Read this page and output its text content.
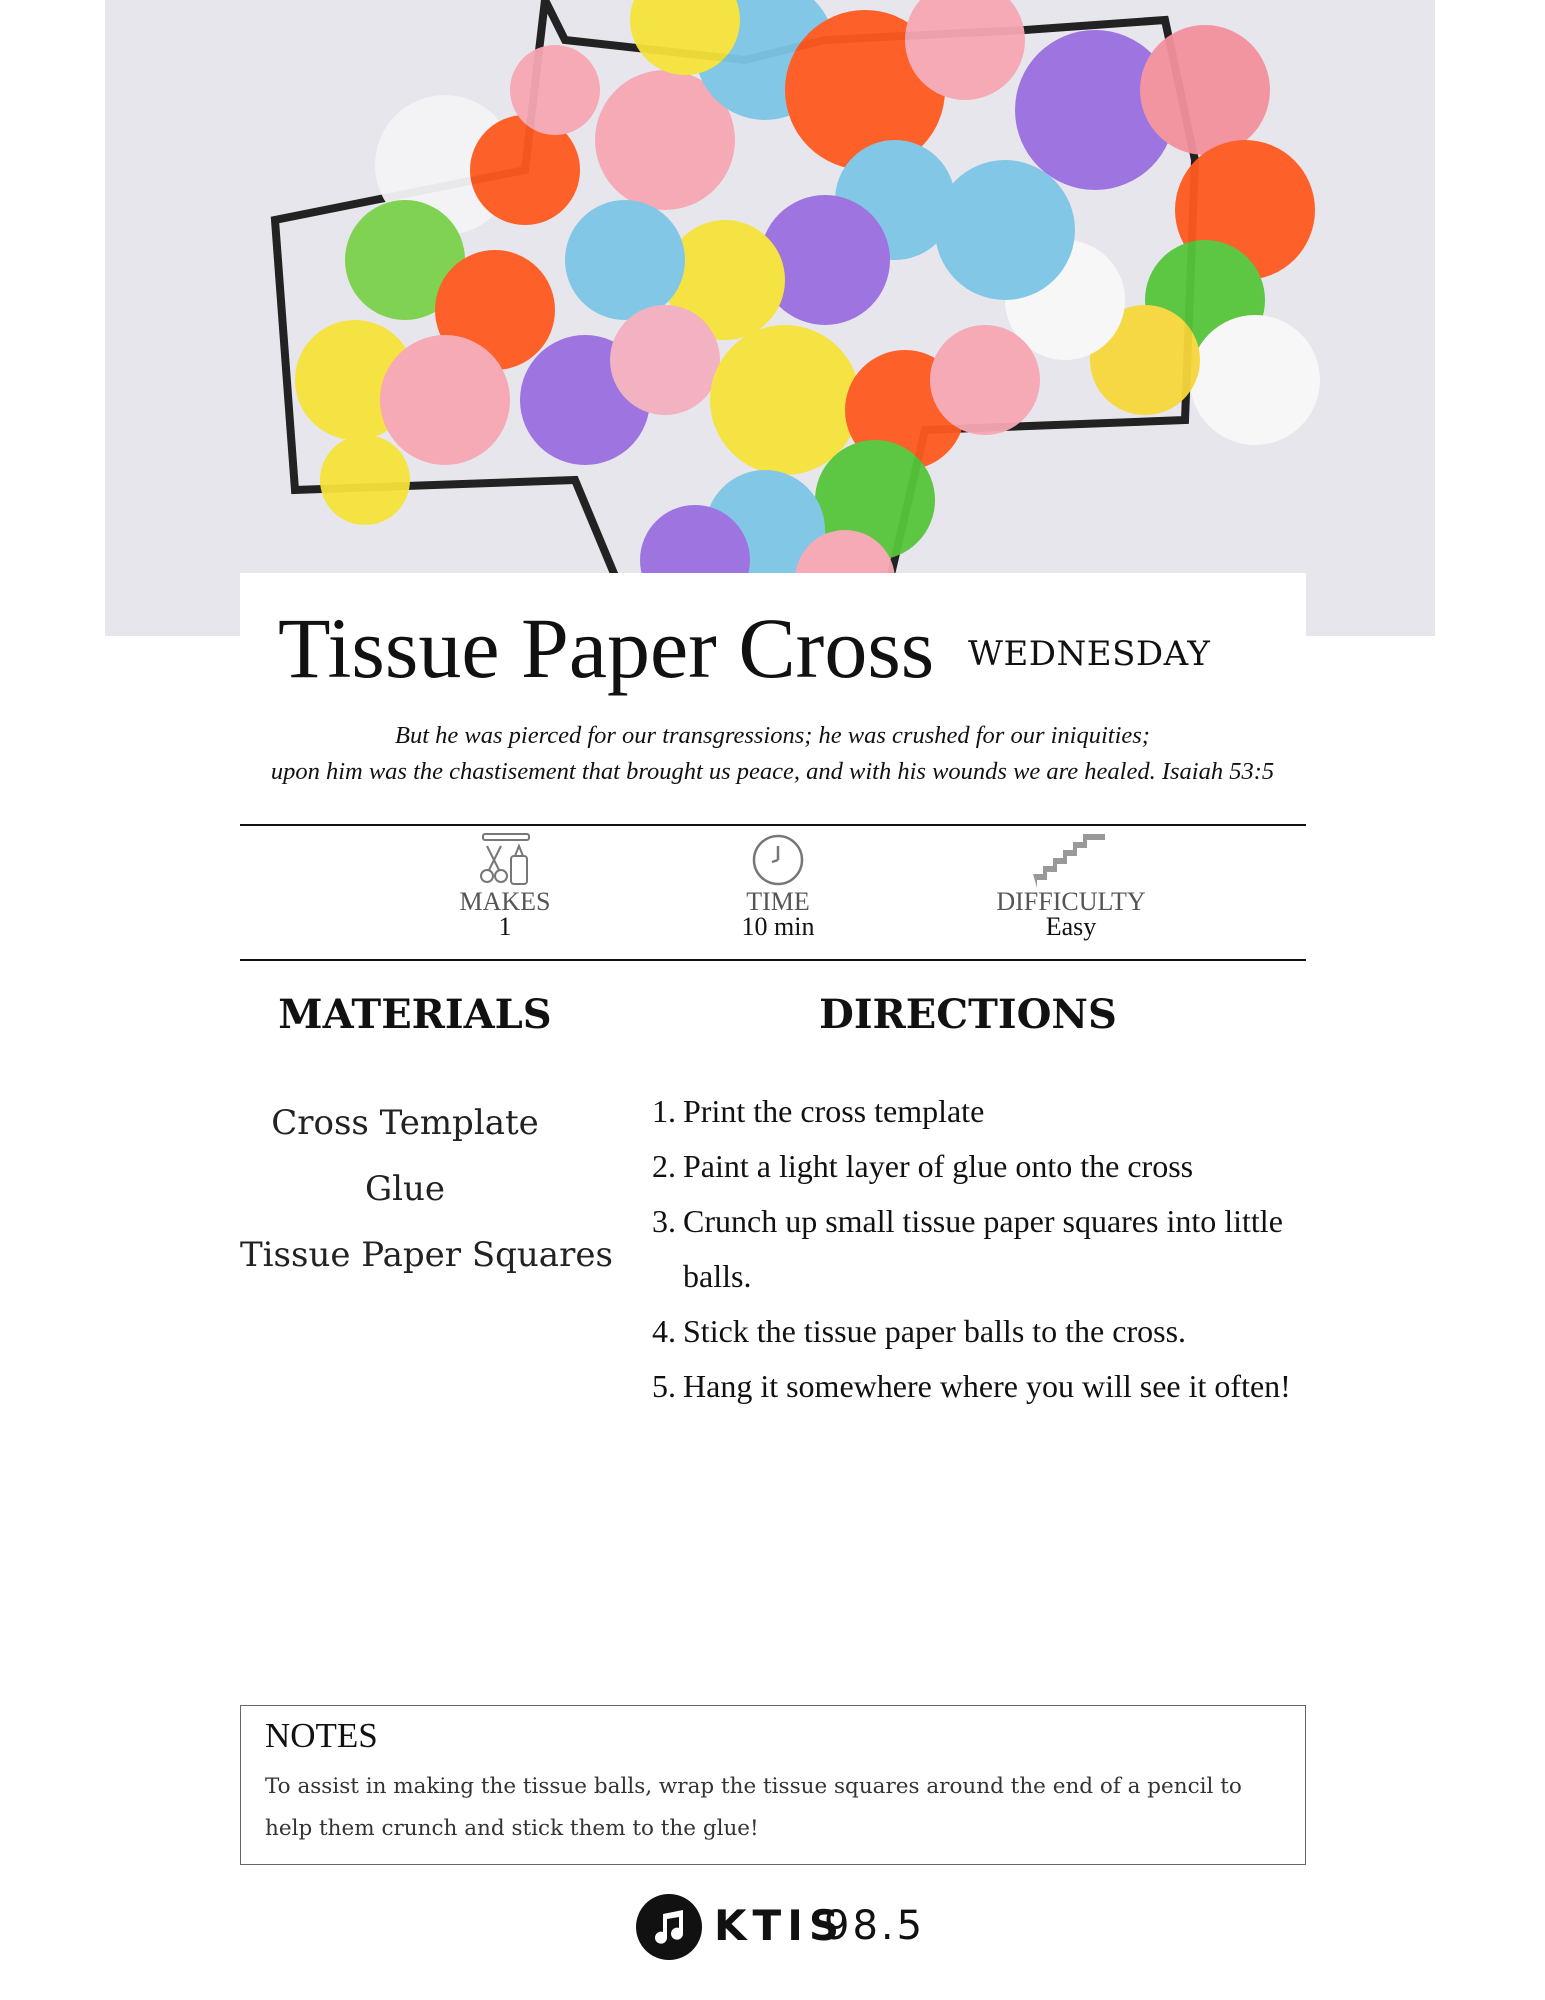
Tissue Paper Cross WEDNESDAY
But he was pierced for our transgressions; he was crushed for our iniquities;
upon him was the chastisement that brought us peace, and with his wounds we are healed. Isaiah 53:5
MAKES
1
TIME
10 min
DIFFICULTY
Easy
MATERIALS	DIRECTIONS
Cross Template
Glue
Tissue Paper Squares
1. Print the cross template
2. Paint a light layer of glue onto the cross
3. Crunch up small tissue paper squares into little balls.
4. Stick the tissue paper balls to the cross.
5. Hang it somewhere where you will see it often!
NOTES
To assist in making the tissue balls, wrap the tissue squares around the end of a pencil to help them crunch and stick them to the glue!
KTIS
98.5
